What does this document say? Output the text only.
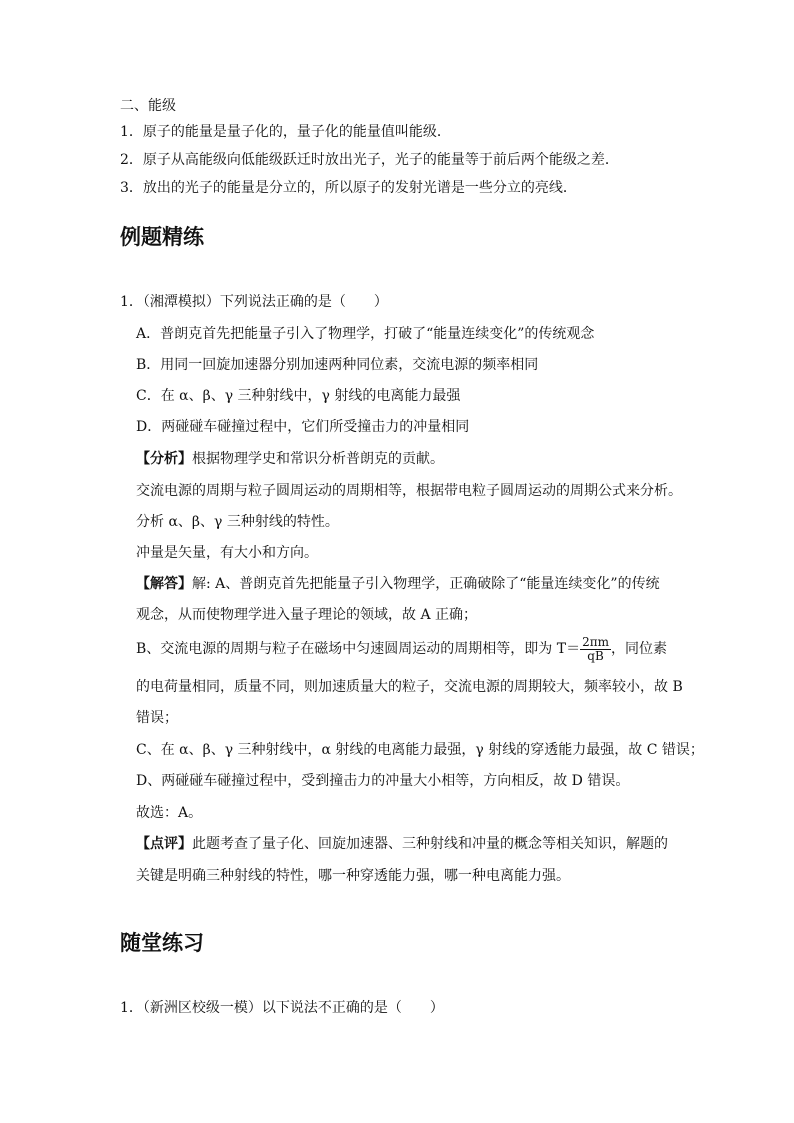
二、能级
1．原子的能量是量子化的，量子化的能量值叫能级．
2．原子从高能级向低能级跃迁时放出光子，光子的能量等于前后两个能级之差．
3．放出的光子的能量是分立的，所以原子的发射光谱是一些分立的亮线．
例题精练
1．（湘潭模拟）下列说法正确的是（　　）
A．普朗克首先把能量子引入了物理学，打破了“能量连续变化”的传统观念
B．用同一回旋加速器分别加速两种同位素，交流电源的频率相同
C．在 α、β、γ 三种射线中，γ 射线的电离能力最强
D．两碰碰车碰撞过程中，它们所受撞击力的冲量相同
【分析】根据物理学史和常识分析普朗克的贡献。
交流电源的周期与粒子圆周运动的周期相等，根据带电粒子圆周运动的周期公式来分析。
分析 α、β、γ 三种射线的特性。
冲量是矢量，有大小和方向。
【解答】解: A、普朗克首先把能量子引入物理学，正确破除了“能量连续变化”的传统
观念，从而使物理学进入量子理论的领域，故 A 正确；
B、交流电源的周期与粒子在磁场中匀速圆周运动的周期相等，即为 $T= \frac{2\pi m}{qB}$ ，同位素
的电荷量相同，质量不同，则加速质量大的粒子，交流电源的周期较大，频率较小，故 B
错误；
C、在 α、β、γ 三种射线中，α 射线的电离能力最强，γ 射线的穿透能力最强，故 C 错误；
D、两碰碰车碰撞过程中，受到撞击力的冲量大小相等，方向相反，故 D 错误。
故选：A。
【点评】此题考查了量子化、回旋加速器、三种射线和冲量的概念等相关知识，解题的
关键是明确三种射线的特性，哪一种穿透能力强，哪一种电离能力强。
随堂练习
1．（新洲区校级一模）以下说法不正确的是（　　）
